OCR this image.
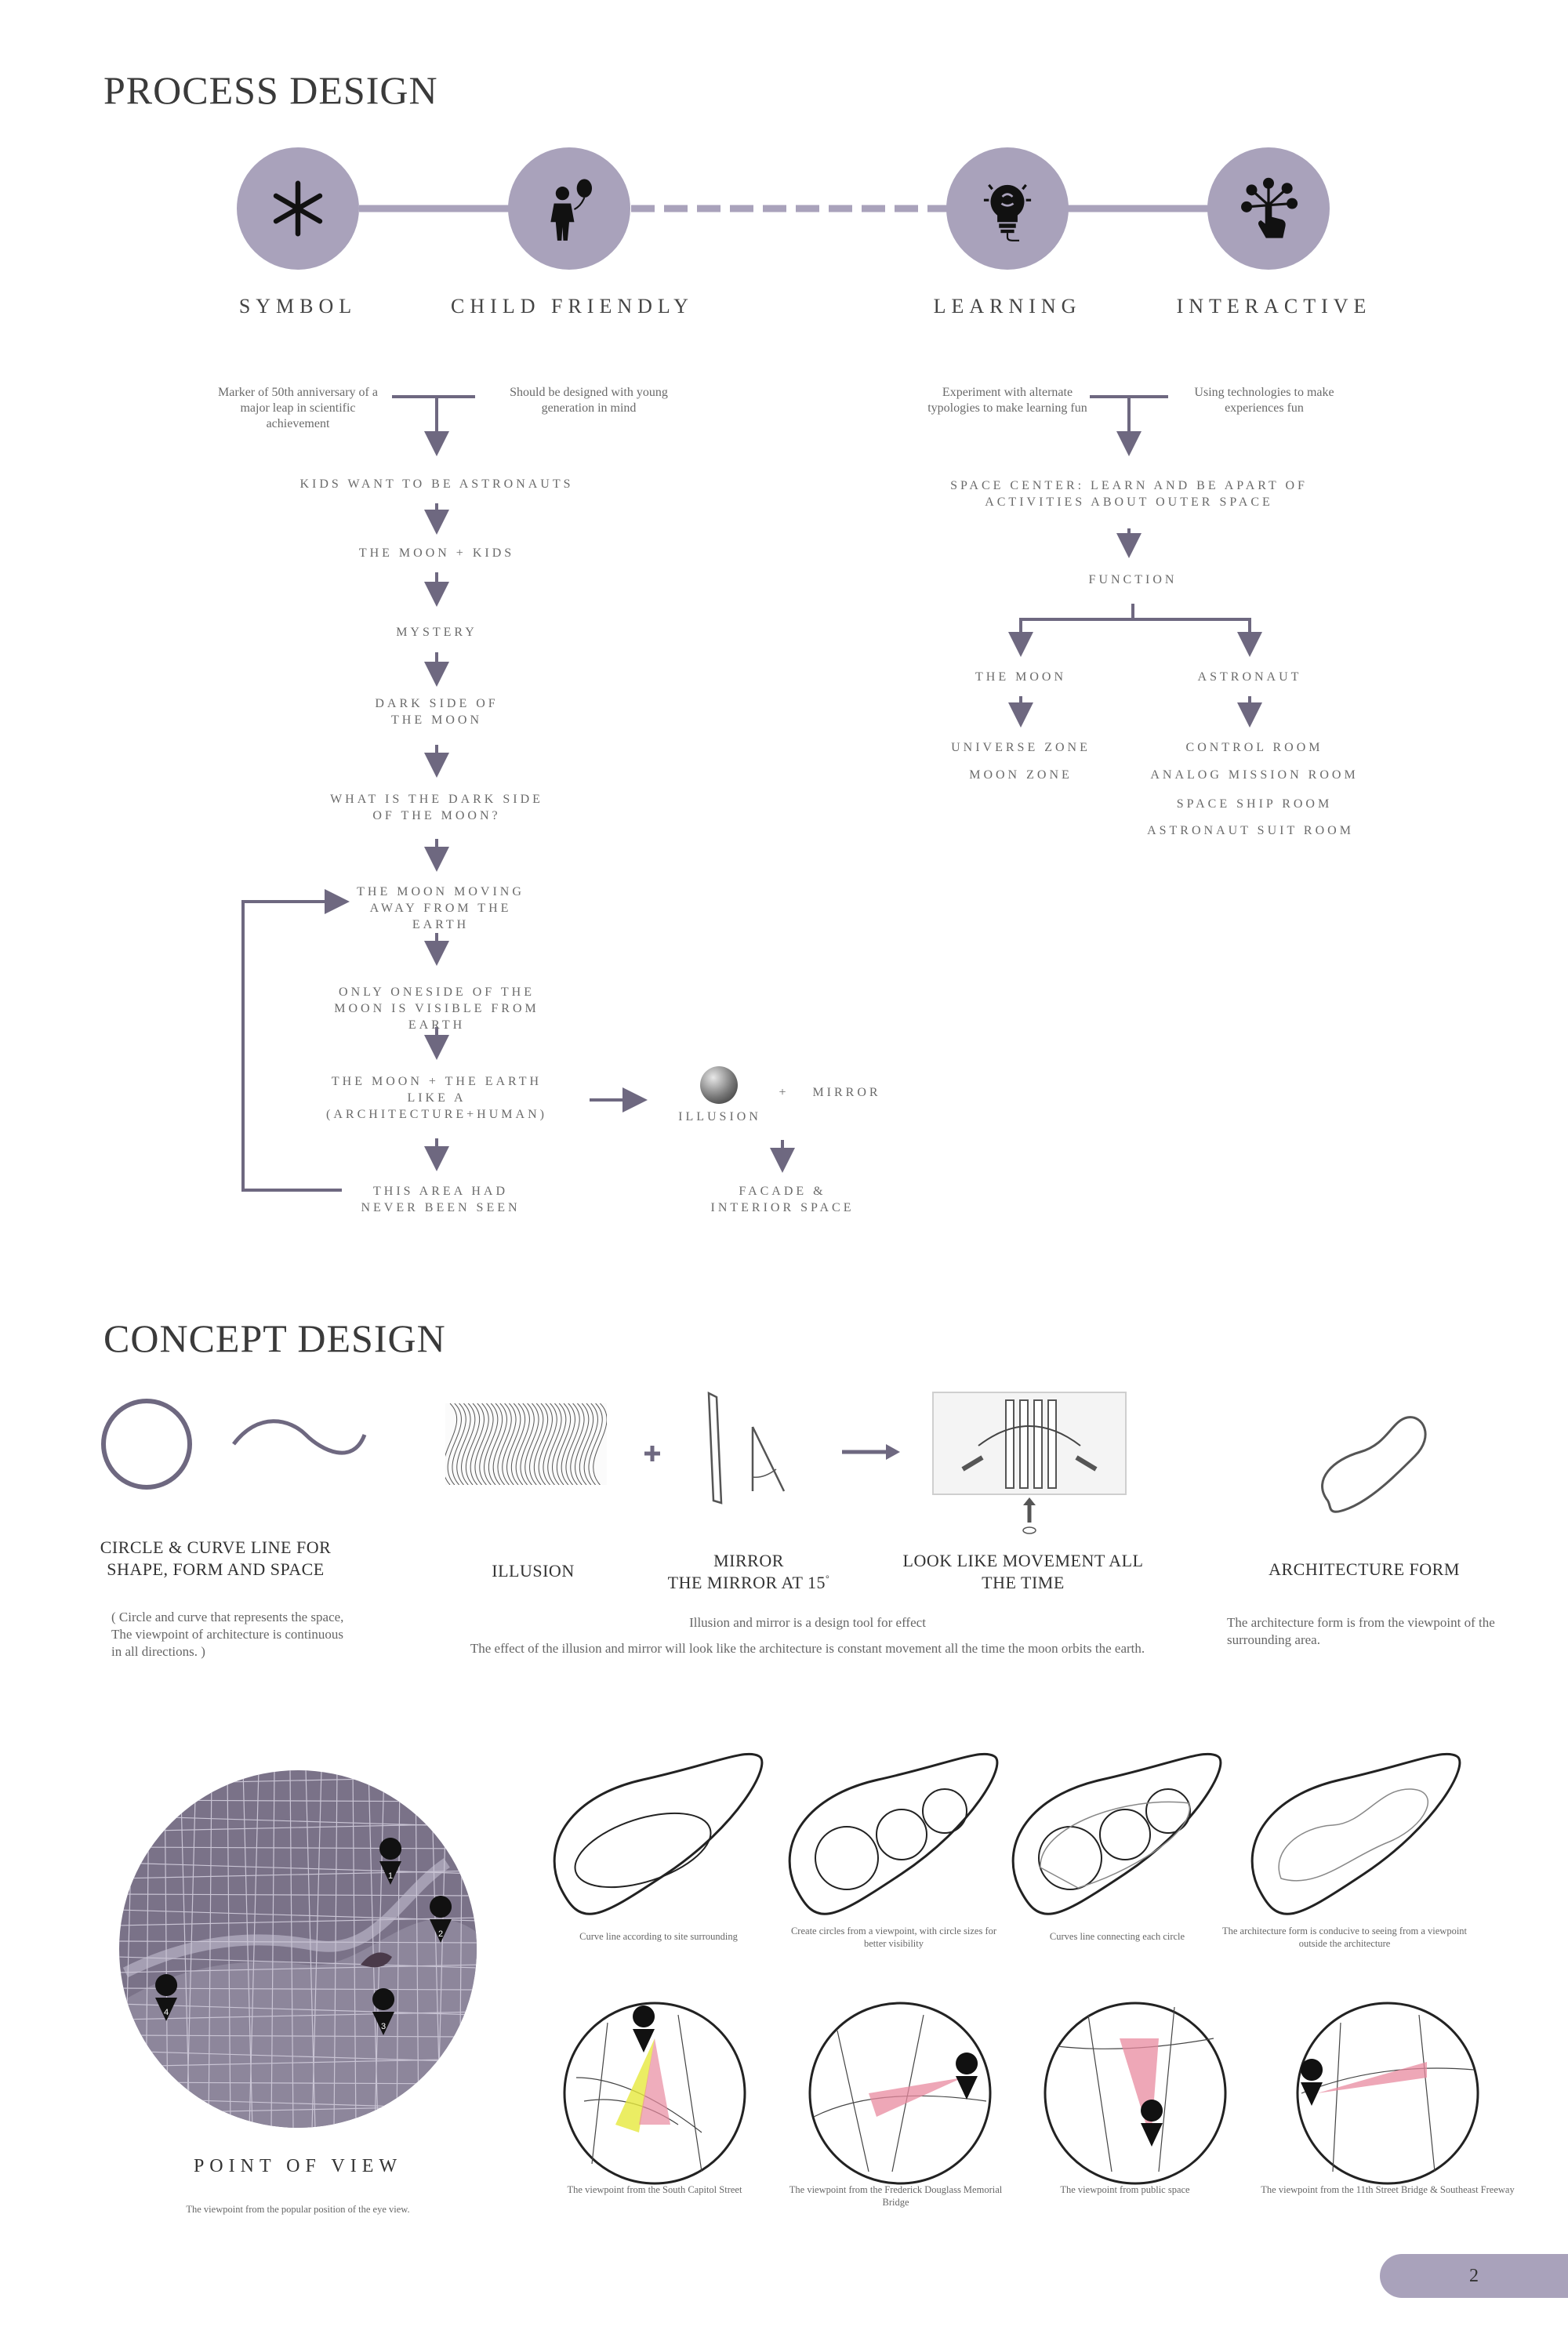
PROCESS DESIGN
SYMBOL	CHILD FRIENDLY	LEARNING	INTERACTIVE
Marker of 50th anniversary of a major leap in scientific achievement
Should be designed with young generation in mind
Experiment with alternate typologies to make learning fun
Using technologies to make experiences fun
KIDS WANT TO BE ASTRONAUTS
THE MOON + KIDS
MYSTERY
DARK SIDE OF THE MOON
WHAT IS THE DARK SIDE OF THE MOON?
THE MOON MOVING AWAY FROM THE EARTH
ONLY ONESIDE OF THE MOON IS VISIBLE FROM EARTH
THE MOON + THE EARTH LIKE A (ARCHITECTURE+HUMAN)
THIS AREA HAD NEVER BEEN SEEN
ILLUSION
+	MIRROR
FACADE & INTERIOR SPACE
SPACE CENTER: LEARN AND BE APART OF ACTIVITIES ABOUT OUTER SPACE
FUNCTION
THE MOON	ASTRONAUT
UNIVERSE ZONE
MOON ZONE
CONTROL ROOM
ANALOG MISSION ROOM
SPACE SHIP ROOM
ASTRONAUT SUIT ROOM
CONCEPT DESIGN
CIRCLE & CURVE LINE FOR SHAPE, FORM AND SPACE
( Circle and curve that represents the space, The viewpoint of architecture is continuous in all directions. )
ILLUSION
MIRROR
THE MIRROR AT 15°
LOOK LIKE MOVEMENT ALL THE TIME
ARCHITECTURE FORM
Illusion and mirror is a design tool for effect
The effect of the illusion and mirror will look like the architecture is constant movement all the time the moon orbits the earth.
The architecture form is from the viewpoint of the surrounding area.
1
2
3
4
POINT OF VIEW
The viewpoint from the popular position of the eye view.
Curve line according to site surrounding	Create circles from a viewpoint, with circle sizes for better visibility
Curves line connecting each circle	The architecture form is conducive to seeing from a viewpoint outside the architecture
The viewpoint from the South Capitol Street	The viewpoint from the Frederick Douglass Memorial Bridge
The viewpoint from public space	The viewpoint from the 11th Street Bridge & Southeast Freeway
2
